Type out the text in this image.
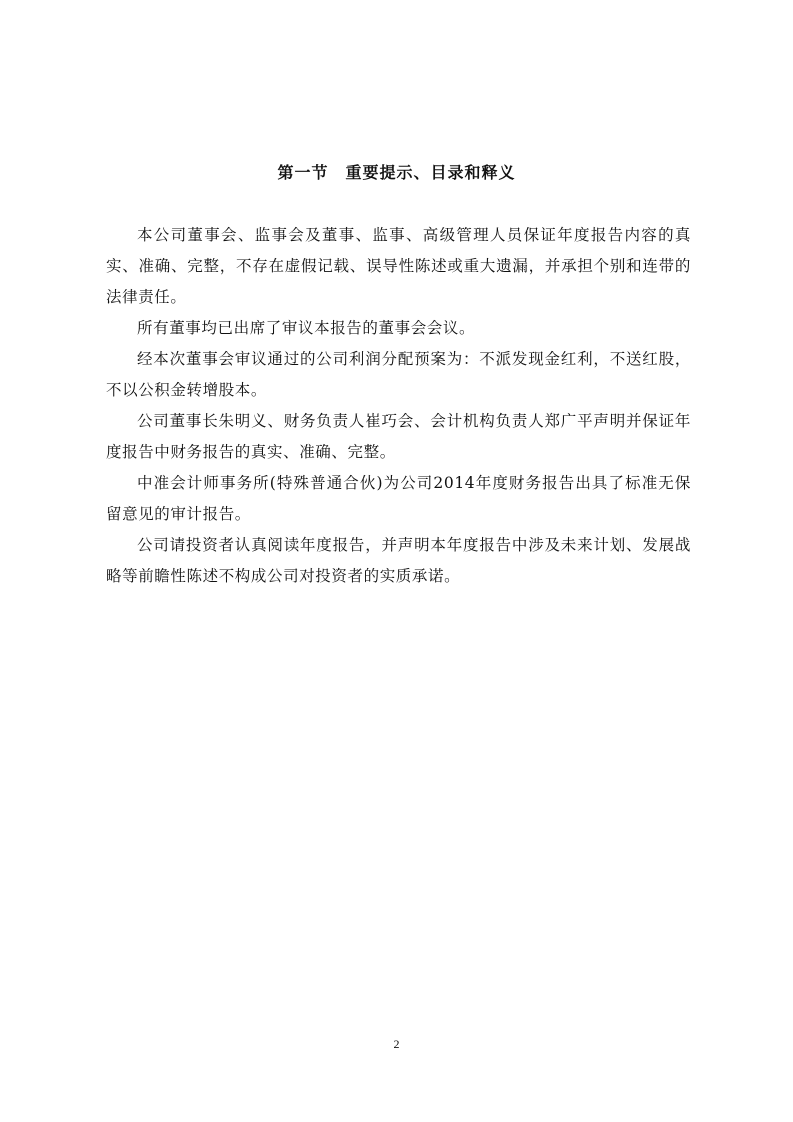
第一节　重要提示、目录和释义

本公司董事会、监事会及董事、监事、高级管理人员保证年度报告内容的真实、准确、完整，不存在虚假记载、误导性陈述或重大遗漏，并承担个别和连带的法律责任。

所有董事均已出席了审议本报告的董事会会议。

经本次董事会审议通过的公司利润分配预案为：不派发现金红利，不送红股，不以公积金转增股本。

公司董事长朱明义、财务负责人崔巧会、会计机构负责人郑广平声明并保证年度报告中财务报告的真实、准确、完整。

中准会计师事务所(特殊普通合伙)为公司2014年度财务报告出具了标准无保留意见的审计报告。

公司请投资者认真阅读年度报告，并声明本年度报告中涉及未来计划、发展战略等前瞻性陈述不构成公司对投资者的实质承诺。

2
